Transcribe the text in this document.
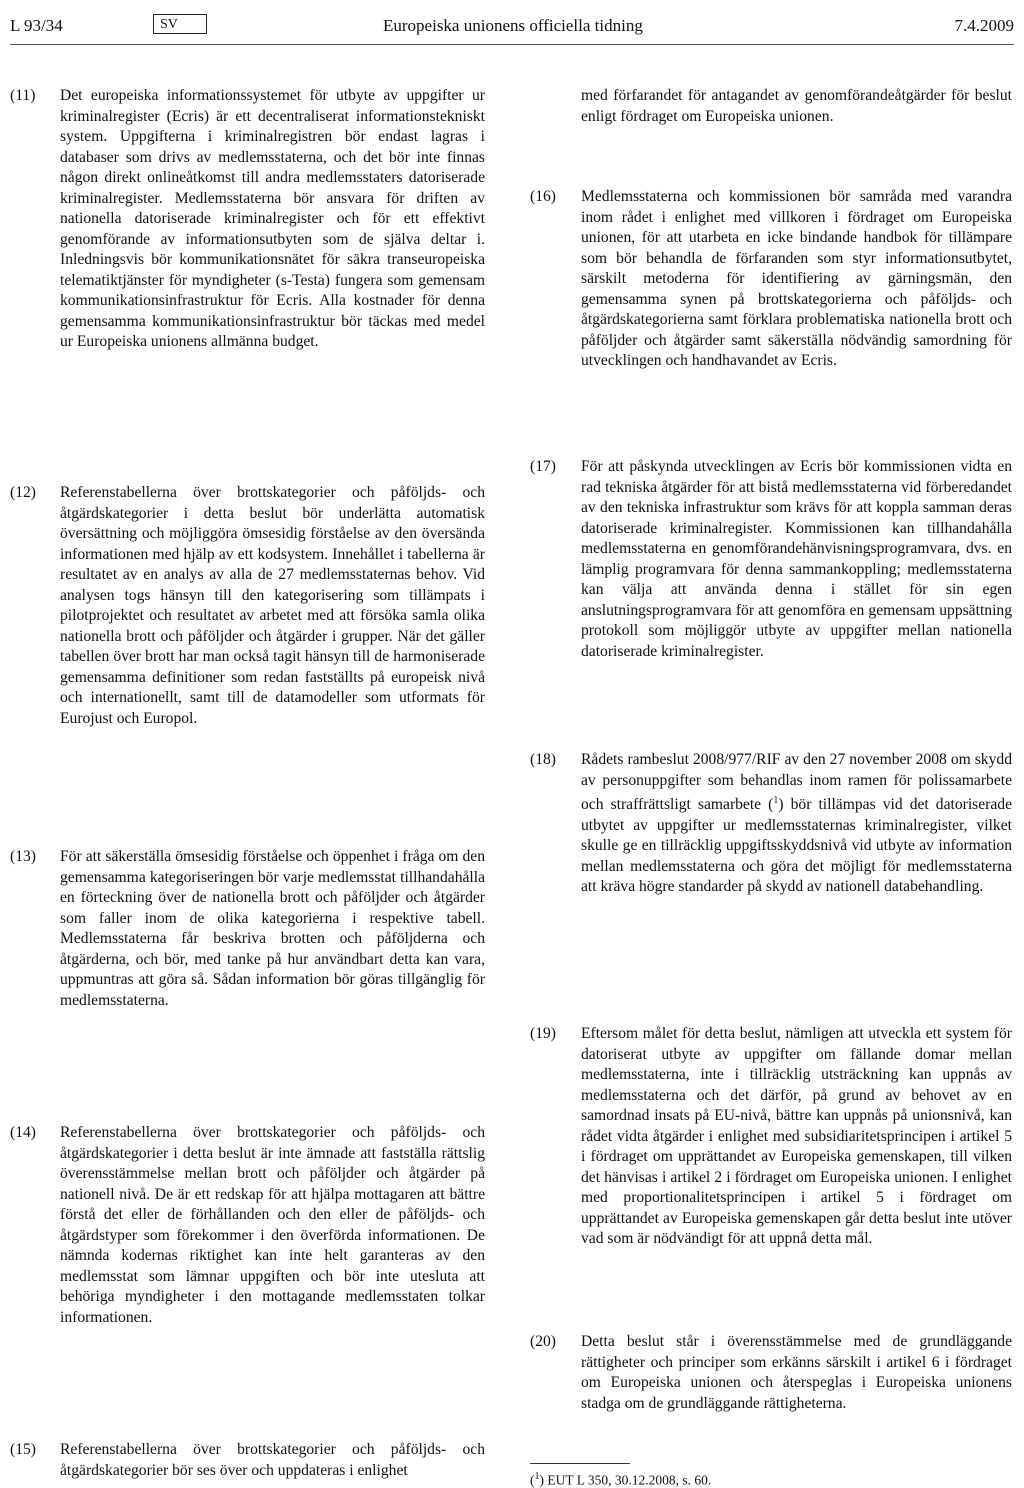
L 93/34	SV	Europeiska unionens officiella tidning	7.4.2009
(11)	Det europeiska informationssystemet för utbyte av uppgifter ur kriminalregister (Ecris) är ett decentraliserat informationstekniskt system. Uppgifterna i kriminalregistren bör endast lagras i databaser som drivs av medlemsstaterna, och det bör inte finnas någon direkt onlineåtkomst till andra medlemsstaters datoriserade kriminalregister. Medlemsstaterna bör ansvara för driften av nationella datoriserade kriminalregister och för ett effektivt genomförande av informationsutbyten som de själva deltar i. Inledningsvis bör kommunikationsnätet för säkra transeuropeiska telematiktjänster för myndigheter (s-Testa) fungera som gemensam kommunikationsinfrastruktur för Ecris. Alla kostnader för denna gemensamma kommunikationsinfrastruktur bör täckas med medel ur Europeiska unionens allmänna budget.
(12)	Referenstabellerna över brottskategorier och påföljds- och åtgärdskategorier i detta beslut bör underlätta automatisk översättning och möjliggöra ömsesidig förståelse av den översända informationen med hjälp av ett kodsystem. Innehållet i tabellerna är resultatet av en analys av alla de 27 medlemsstaternas behov. Vid analysen togs hänsyn till den kategorisering som tillämpats i pilotprojektet och resultatet av arbetet med att försöka samla olika nationella brott och påföljder och åtgärder i grupper. När det gäller tabellen över brott har man också tagit hänsyn till de harmoniserade gemensamma definitioner som redan fastställts på europeisk nivå och internationellt, samt till de datamodeller som utformats för Eurojust och Europol.
(13)	För att säkerställa ömsesidig förståelse och öppenhet i fråga om den gemensamma kategoriseringen bör varje medlemsstat tillhandahålla en förteckning över de nationella brott och påföljder och åtgärder som faller inom de olika kategorierna i respektive tabell. Medlemsstaterna får beskriva brotten och påföljderna och åtgärderna, och bör, med tanke på hur användbart detta kan vara, uppmuntras att göra så. Sådan information bör göras tillgänglig för medlemsstaterna.
(14)	Referenstabellerna över brottskategorier och påföljds- och åtgärdskategorier i detta beslut är inte ämnade att fastställa rättslig överensstämmelse mellan brott och påföljder och åtgärder på nationell nivå. De är ett redskap för att hjälpa mottagaren att bättre förstå det eller de förhållanden och den eller de påföljds- och åtgärdstyper som förekommer i den överförda informationen. De nämnda kodernas riktighet kan inte helt garanteras av den medlemsstat som lämnar uppgiften och bör inte utesluta att behöriga myndigheter i den mottagande medlemsstaten tolkar informationen.
(15)	Referenstabellerna över brottskategorier och påföljds- och åtgärdskategorier bör ses över och uppdateras i enlighet
med förfarandet för antagandet av genomförandeåtgärder för beslut enligt fördraget om Europeiska unionen.
(16)	Medlemsstaterna och kommissionen bör samråda med varandra inom rådet i enlighet med villkoren i fördraget om Europeiska unionen, för att utarbeta en icke bindande handbok för tillämpare som bör behandla de förfaranden som styr informationsutbytet, särskilt metoderna för identifiering av gärningsmän, den gemensamma synen på brottskategorierna och påföljds- och åtgärdskategorierna samt förklara problematiska nationella brott och påföljder och åtgärder samt säkerställa nödvändig samordning för utvecklingen och handhavandet av Ecris.
(17)	För att påskynda utvecklingen av Ecris bör kommissionen vidta en rad tekniska åtgärder för att bistå medlemsstaterna vid förberedandet av den tekniska infrastruktur som krävs för att koppla samman deras datoriserade kriminalregister. Kommissionen kan tillhandahålla medlemsstaterna en genomförandehänvisningsprogramvara, dvs. en lämplig programvara för denna sammankoppling; medlemsstaterna kan välja att använda denna i stället för sin egen anslutningsprogramvara för att genomföra en gemensam uppsättning protokoll som möjliggör utbyte av uppgifter mellan nationella datoriserade kriminalregister.
(18)	Rådets rambeslut 2008/977/RIF av den 27 november 2008 om skydd av personuppgifter som behandlas inom ramen för polissamarbete och straffrättsligt samarbete ($^1$) bör tillämpas vid det datoriserade utbytet av uppgifter ur medlemsstaternas kriminalregister, vilket skulle ge en tillräcklig uppgiftsskyddsnivå vid utbyte av information mellan medlemsstaterna och göra det möjligt för medlemsstaterna att kräva högre standarder på skydd av nationell databehandling.
(19)	Eftersom målet för detta beslut, nämligen att utveckla ett system för datoriserat utbyte av uppgifter om fällande domar mellan medlemsstaterna, inte i tillräcklig utsträckning kan uppnås av medlemsstaterna och det därför, på grund av behovet av en samordnad insats på EU-nivå, bättre kan uppnås på unionsnivå, kan rådet vidta åtgärder i enlighet med subsidiaritetsprincipen i artikel 5 i fördraget om upprättandet av Europeiska gemenskapen, till vilken det hänvisas i artikel 2 i fördraget om Europeiska unionen. I enlighet med proportionalitetsprincipen i artikel 5 i fördraget om upprättandet av Europeiska gemenskapen går detta beslut inte utöver vad som är nödvändigt för att uppnå detta mål.
(20)	Detta beslut står i överensstämmelse med de grundläggande rättigheter och principer som erkänns särskilt i artikel 6 i fördraget om Europeiska unionen och återspeglas i Europeiska unionens stadga om de grundläggande rättigheterna.
($^1$) EUT L 350, 30.12.2008, s. 60.
